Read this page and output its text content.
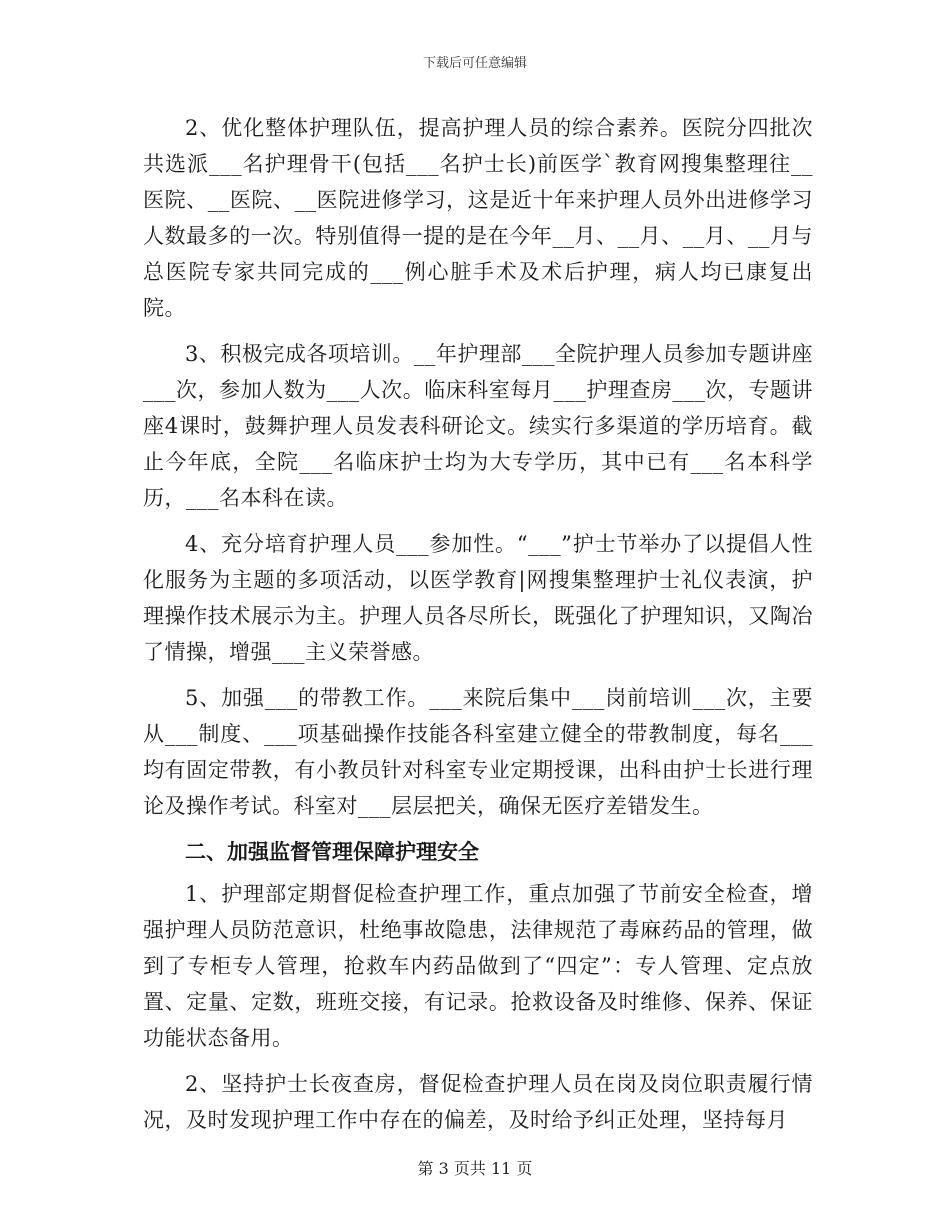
下载后可任意编辑

2、优化整体护理队伍，提高护理人员的综合素养。医院分四批次共选派___名护理骨干(包括___名护士长)前医学`教育网搜集整理往__医院、__医院、__医院进修学习，这是近十年来护理人员外出进修学习人数最多的一次。特别值得一提的是在今年__月、__月、__月、__月与总医院专家共同完成的___例心脏手术及术后护理，病人均已康复出院。

3、积极完成各项培训。__年护理部___全院护理人员参加专题讲座___次，参加人数为___人次。临床科室每月___护理查房___次，专题讲座4课时，鼓舞护理人员发表科研论文。续实行多渠道的学历培育。截止今年底，全院___名临床护士均为大专学历，其中已有___名本科学历，___名本科在读。

4、充分培育护理人员___参加性。“___”护士节举办了以提倡人性化服务为主题的多项活动，以医学教育|网搜集整理护士礼仪表演，护理操作技术展示为主。护理人员各尽所长，既强化了护理知识，又陶冶了情操，增强___主义荣誉感。

5、加强___的带教工作。___来院后集中___岗前培训___次，主要从___制度、___项基础操作技能各科室建立健全的带教制度，每名___均有固定带教，有小教员针对科室专业定期授课，出科由护士长进行理论及操作考试。科室对___层层把关，确保无医疗差错发生。

二、加强监督管理保障护理安全

1、护理部定期督促检查护理工作，重点加强了节前安全检查，增强护理人员防范意识，杜绝事故隐患，法律规范了毒麻药品的管理，做到了专柜专人管理，抢救车内药品做到了“四定”：专人管理、定点放置、定量、定数，班班交接，有记录。抢救设备及时维修、保养、保证功能状态备用。

2、坚持护士长夜查房，督促检查护理人员在岗及岗位职责履行情况，及时发现护理工作中存在的偏差，及时给予纠正处理，坚持每月

第 3 页共 11 页
